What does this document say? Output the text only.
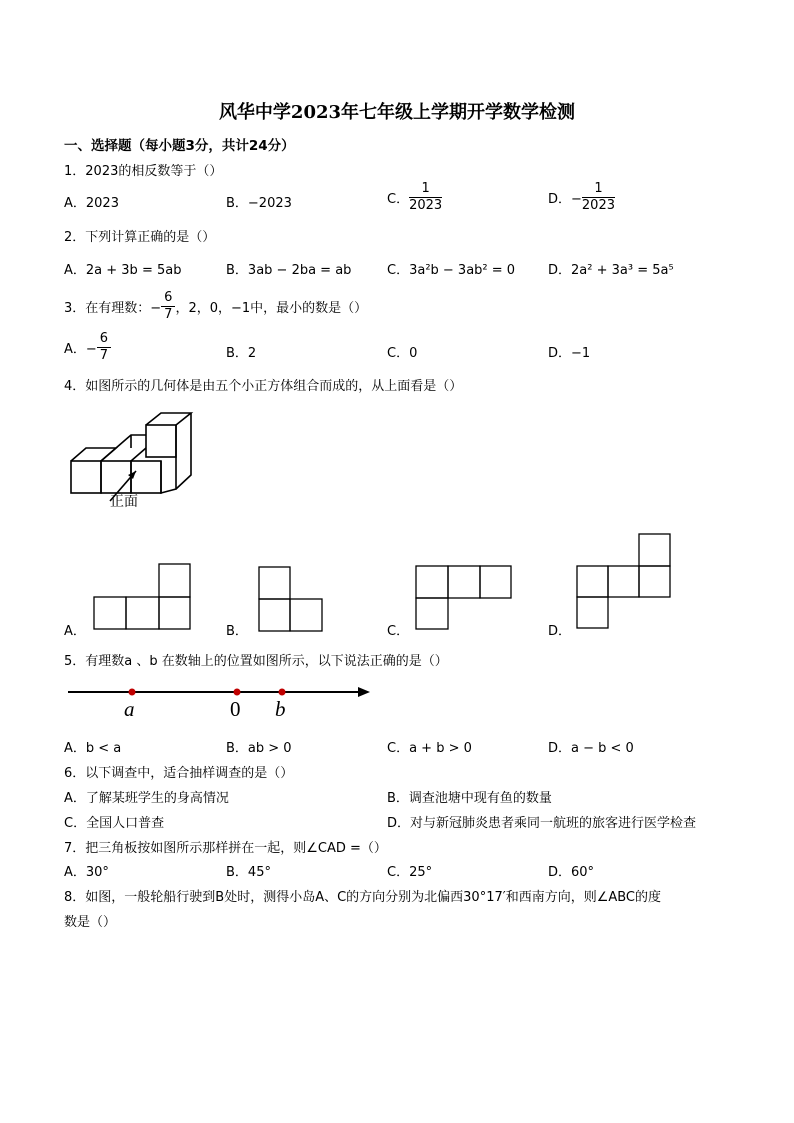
风华中学2023年七年级上学期开学数学检测
一、选择题（每小题3分，共计24分）
1．2023的相反数等于（）
A．2023	B．−2023	C． $\frac{1}{2023}$	D．− $\frac{1}{2023}$
2．下列计算正确的是（）
A．2a + 3b = 5ab	B．3ab − 2ba = ab	C．3a²b − 3ab² = 0	D．2a² + 3a³ = 5a⁵
3．在有理数：− $\frac{6}{7}$ ，2，0，−1中，最小的数是（）
A．− $\frac{6}{7}$	B．2	C．0	D．−1
4．如图所示的几何体是由五个小正方体组合而成的，从上面看是（）
正面
A．	B．	C．	D．
5．有理数a 、b 在数轴上的位置如图所示，以下说法正确的是（）
a	0 b
A．b < a	B．ab > 0	C．a + b > 0	D．a − b < 0
6．以下调查中，适合抽样调查的是（）
A．了解某班学生的身高情况	B．调查池塘中现有鱼的数量
C．全国人口普查	D．对与新冠肺炎患者乘同一航班的旅客进行医学检查
7．把三角板按如图所示那样拼在一起，则∠CAD =（）
A．30°	B．45°	C．25°	D．60°
8．如图，一般轮船行驶到B处时，测得小岛A、C的方向分别为北偏西30°17′和西南方向，则∠ABC的度
数是（）
